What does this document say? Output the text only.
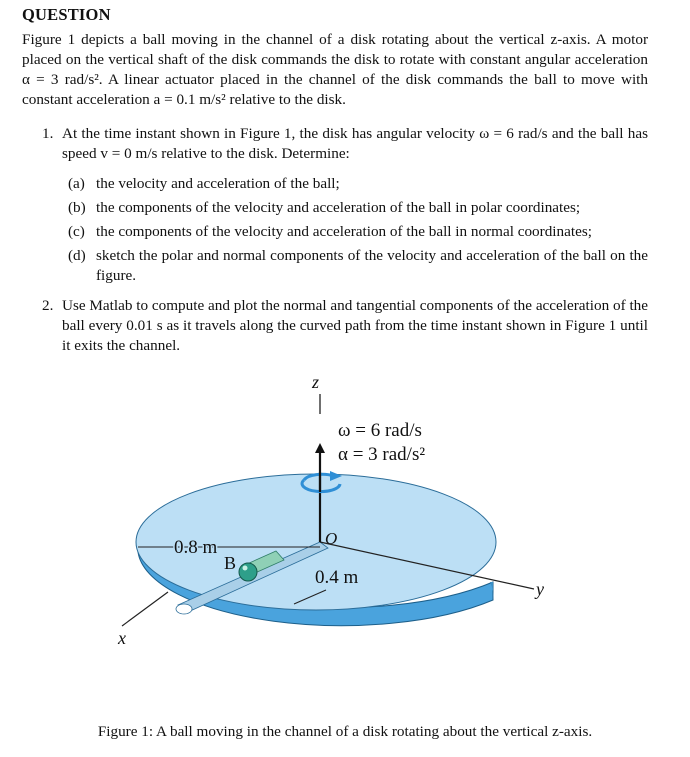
QUESTION

Figure 1 depicts a ball moving in the channel of a disk rotating about the vertical z-axis. A motor placed on the vertical shaft of the disk commands the disk to rotate with constant angular acceleration α = 3 rad/s². A linear actuator placed in the channel of the disk commands the ball to move with constant acceleration a = 0.1 m/s² relative to the disk.

1. At the time instant shown in Figure 1, the disk has angular velocity ω = 6 rad/s and the ball has speed v = 0 m/s relative to the disk. Determine:
(a) the velocity and acceleration of the ball;
(b) the components of the velocity and acceleration of the ball in polar coordinates;
(c) the components of the velocity and acceleration of the ball in normal coordinates;
(d) sketch the polar and normal components of the velocity and acceleration of the ball on the figure.
2. Use Matlab to compute and plot the normal and tangential components of the acceleration of the ball every 0.01 s as it travels along the curved path from the time instant shown in Figure 1 until it exits the channel.
z
ω = 6 rad/s
α = 3 rad/s²
O
0.8 m
B
0.4 m
y
x
Figure 1: A ball moving in the channel of a disk rotating about the vertical z-axis.
